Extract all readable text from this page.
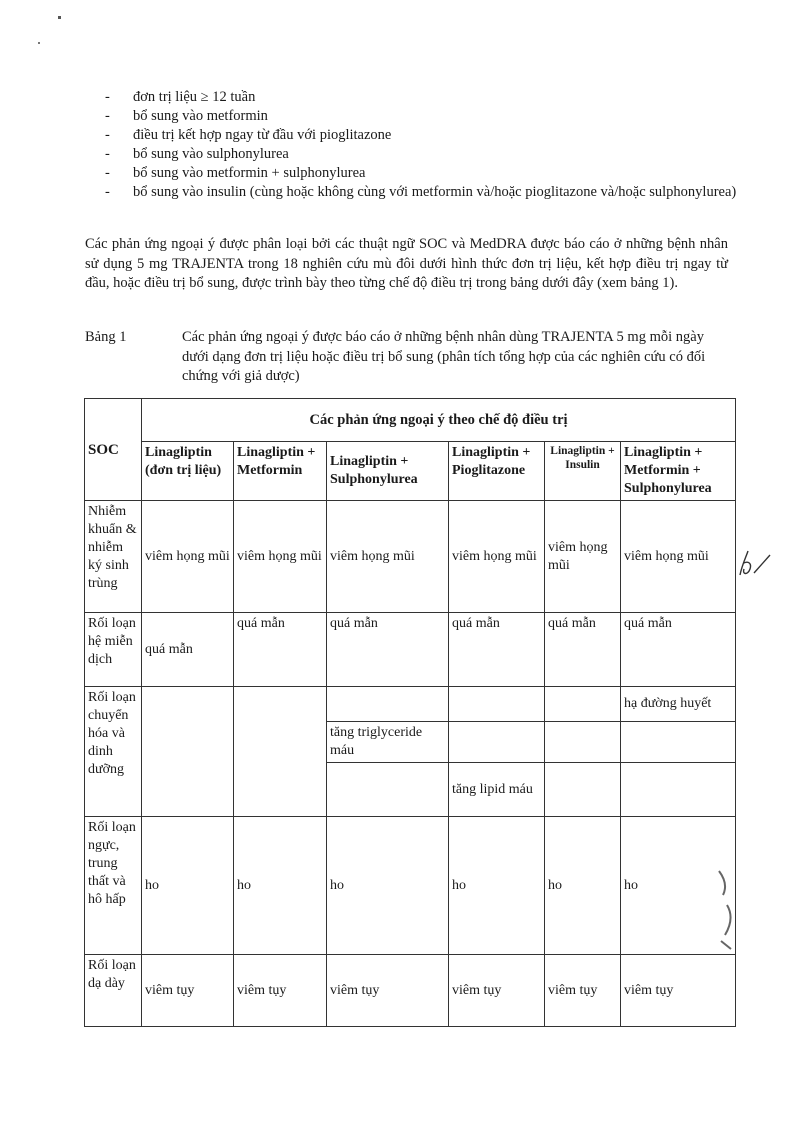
-	đơn trị liệu ≥ 12 tuần
-	bổ sung vào metformin
-	điều trị kết hợp ngay từ đầu với pioglitazone
-	bổ sung vào sulphonylurea
-	bổ sung vào metformin + sulphonylurea
-	bổ sung vào insulin (cùng hoặc không cùng với metformin và/hoặc pioglitazone và/hoặc sulphonylurea)
Các phản ứng ngoại ý được phân loại bởi các thuật ngữ SOC và MedDRA được báo cáo ở những bệnh nhân sử dụng 5 mg TRAJENTA trong 18 nghiên cứu mù đôi dưới hình thức đơn trị liệu, kết hợp điều trị ngay từ đầu, hoặc điều trị bổ sung, được trình bày theo từng chế độ điều trị trong bảng dưới đây (xem bảng 1).
Bảng 1	Các phản ứng ngoại ý được báo cáo ở những bệnh nhân dùng TRAJENTA 5 mg mỗi ngày dưới dạng đơn trị liệu hoặc điều trị bổ sung (phân tích tổng hợp của các nghiên cứu có đối chứng với giả dược)
SOC	Các phản ứng ngoại ý theo chế độ điều trị					
	Linagliptin (đơn trị liệu)	Linagliptin + Metformin	Linagliptin + Sulphonylurea	Linagliptin + Pioglitazone	Linagliptin + Insulin	Linagliptin + Metformin + Sulphonylurea
Nhiễm khuẩn & nhiễm ký sinh trùng	viêm họng mũi	viêm họng mũi	viêm họng mũi	viêm họng mũi	viêm họng mũi	viêm họng mũi
Rối loạn hệ miễn dịch	quá mẫn	quá mẫn	quá mẫn	quá mẫn	quá mẫn	quá mẫn
Rối loạn chuyển hóa và dinh dưỡng						hạ đường huyết
			tăng triglyceride máu			
				tăng lipid máu		
Rối loạn ngực, trung thất và hô hấp	ho	ho	ho	ho	ho	ho
Rối loạn dạ dày	viêm tụy	viêm tụy	viêm tụy	viêm tụy	viêm tụy	viêm tụy
